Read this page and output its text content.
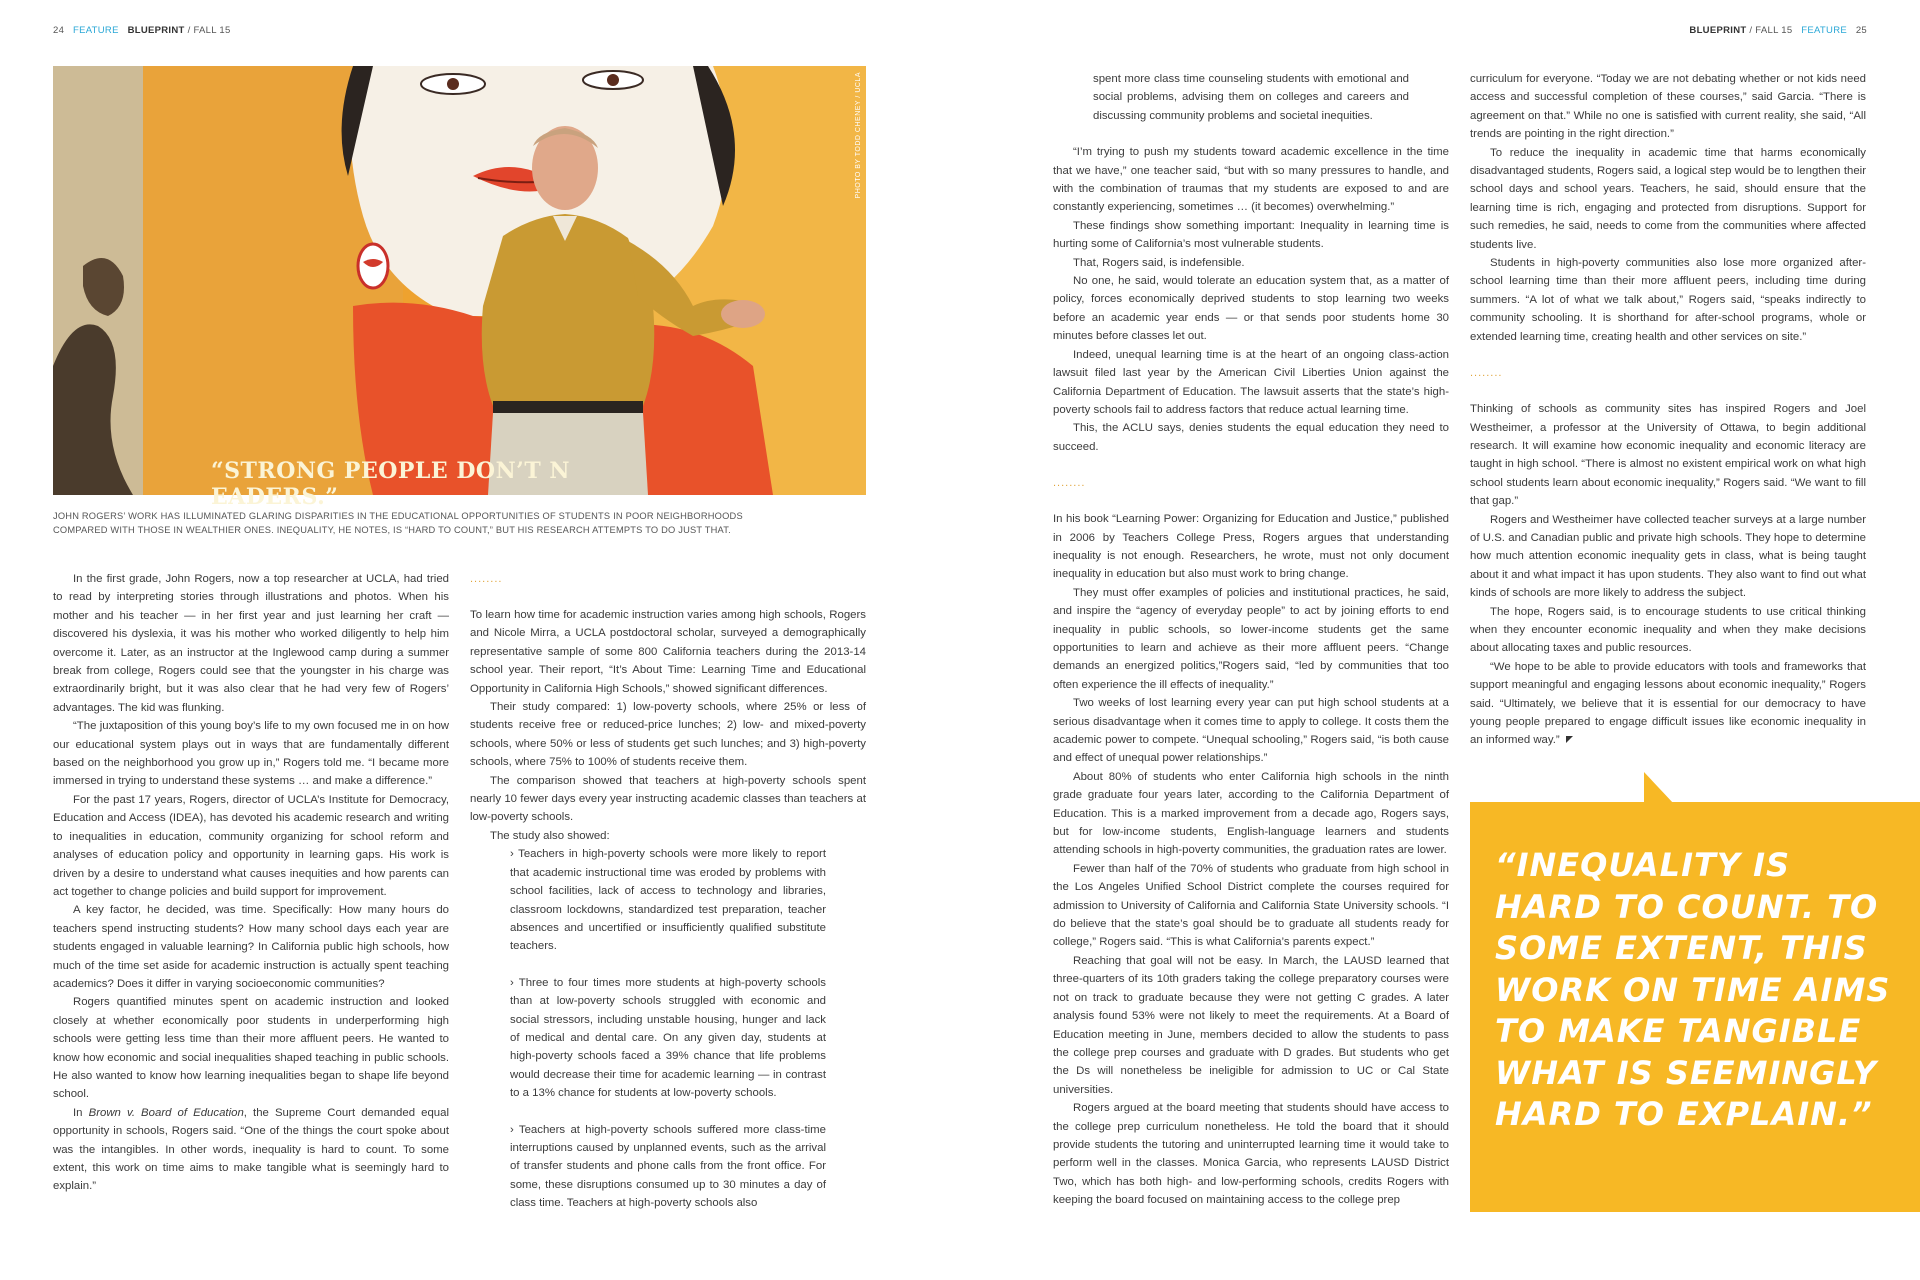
24 FEATURE BLUEPRINT / FALL 15	BLUEPRINT / FALL 15 FEATURE 25
“STRONG PEOPLE DON’T NEADERS.”
PHOTO BY TODD CHENEY / UCLA
JOHN ROGERS’ WORK HAS ILLUMINATED GLARING DISPARITIES IN THE EDUCATIONAL OPPORTUNITIES OF STUDENTS IN POOR NEIGHBORHOODS COMPARED WITH THOSE IN WEALTHIER ONES. INEQUALITY, HE NOTES, IS “HARD TO COUNT,” BUT HIS RESEARCH ATTEMPTS TO DO JUST THAT.

In the first grade, John Rogers, now a top researcher at UCLA, had tried to read by interpreting stories through illustrations and photos. When his mother and his teacher — in her first year and just learning her craft — discovered his dyslexia, it was his mother who worked diligently to help him overcome it. Later, as an instructor at the Inglewood camp during a summer break from college, Rogers could see that the youngster in his charge was extraordinarily bright, but it was also clear that he had very few of Rogers’ advantages. The kid was flunking.

“The juxtaposition of this young boy’s life to my own focused me in on how our educational system plays out in ways that are fundamentally different based on the neighborhood you grow up in,” Rogers told me. “I became more immersed in trying to understand these systems … and make a difference.”

For the past 17 years, Rogers, director of UCLA’s Institute for Democracy, Education and Access (IDEA), has devoted his academic research and writing to inequalities in education, community organizing for school reform and analyses of education policy and opportunity in learning gaps. His work is driven by a desire to understand what causes inequities and how parents can act together to change policies and build support for improvement.

A key factor, he decided, was time. Specifically: How many hours do teachers spend instructing students? How many school days each year are students engaged in valuable learning? In California public high schools, how much of the time set aside for academic instruction is actually spent teaching academics? Does it differ in varying socioeconomic communities?

Rogers quantified minutes spent on academic instruction and looked closely at whether economically poor students in underperforming high schools were getting less time than their more affluent peers. He wanted to know how economic and social inequalities shaped teaching in public schools. He also wanted to know how learning inequalities began to shape life beyond school.

In Brown v. Board of Education, the Supreme Court demanded equal opportunity in schools, Rogers said. “One of the things the court spoke about was the intangibles. In other words, inequality is hard to count. To some extent, this work on time aims to make tangible what is seemingly hard to explain.”

........

To learn how time for academic instruction varies among high schools, Rogers and Nicole Mirra, a UCLA postdoctoral scholar, surveyed a demographically representative sample of some 800 California teachers during the 2013-14 school year. Their report, “It’s About Time: Learning Time and Educational Opportunity in California High Schools,” showed significant differences.

Their study compared: 1) low-poverty schools, where 25% or less of students receive free or reduced-price lunches; 2) low- and mixed-poverty schools, where 50% or less of students get such lunches; and 3) high-poverty schools, where 75% to 100% of students receive them.

The comparison showed that teachers at high-poverty schools spent nearly 10 fewer days every year instructing academic classes than teachers at low-poverty schools.

The study also showed:

› Teachers in high-poverty schools were more likely to report that academic instructional time was eroded by problems with school facilities, lack of access to technology and libraries, classroom lockdowns, standardized test preparation, teacher absences and uncertified or insufficiently qualified substitute teachers.

› Three to four times more students at high-poverty schools than at low-poverty schools struggled with economic and social stressors, including unstable housing, hunger and lack of medical and dental care. On any given day, students at high-poverty schools faced a 39% chance that life problems would decrease their time for academic learning — in contrast to a 13% chance for students at low-poverty schools.

› Teachers at high-poverty schools suffered more class-time interruptions caused by unplanned events, such as the arrival of transfer students and phone calls from the front office. For some, these disruptions consumed up to 30 minutes a day of class time. Teachers at high-poverty schools also

spent more class time counseling students with emotional and social problems, advising them on colleges and careers and discussing community problems and societal inequities.

“I’m trying to push my students toward academic excellence in the time that we have,” one teacher said, “but with so many pressures to handle, and with the combination of traumas that my students are exposed to and are constantly experiencing, sometimes … (it becomes) overwhelming.”

These findings show something important: Inequality in learning time is hurting some of California’s most vulnerable students.

That, Rogers said, is indefensible.

No one, he said, would tolerate an education system that, as a matter of policy, forces economically deprived students to stop learning two weeks before an academic year ends — or that sends poor students home 30 minutes before classes let out.

Indeed, unequal learning time is at the heart of an ongoing class-action lawsuit filed last year by the American Civil Liberties Union against the California Department of Education. The lawsuit asserts that the state’s high-poverty schools fail to address factors that reduce actual learning time.

This, the ACLU says, denies students the equal education they need to succeed.

........

In his book “Learning Power: Organizing for Education and Justice,” published in 2006 by Teachers College Press, Rogers argues that understanding inequality is not enough. Researchers, he wrote, must not only document inequality in education but also must work to bring change.

They must offer examples of policies and institutional practices, he said, and inspire the “agency of everyday people” to act by joining efforts to end inequality in public schools, so lower-income students get the same opportunities to learn and achieve as their more affluent peers. “Change demands an energized politics,”Rogers said, “led by communities that too often experience the ill effects of inequality.”

Two weeks of lost learning every year can put high school students at a serious disadvantage when it comes time to apply to college. It costs them the academic power to compete. “Unequal schooling,” Rogers said, “is both cause and effect of unequal power relationships.”

About 80% of students who enter California high schools in the ninth grade graduate four years later, according to the California Department of Education. This is a marked improvement from a decade ago, Rogers says, but for low-income students, English-language learners and students attending schools in high-poverty communities, the graduation rates are lower.

Fewer than half of the 70% of students who graduate from high school in the Los Angeles Unified School District complete the courses required for admission to University of California and California State University schools. “I do believe that the state’s goal should be to graduate all students ready for college,” Rogers said. “This is what California’s parents expect.”

Reaching that goal will not be easy. In March, the LAUSD learned that three-quarters of its 10th graders taking the college preparatory courses were not on track to graduate because they were not getting C grades. A later analysis found 53% were not likely to meet the requirements. At a Board of Education meeting in June, members decided to allow the students to pass the college prep courses and graduate with D grades. But students who get the Ds will nonetheless be ineligible for admission to UC or Cal State universities.

Rogers argued at the board meeting that students should have access to the college prep curriculum nonetheless. He told the board that it should provide students the tutoring and uninterrupted learning time it would take to perform well in the classes. Monica Garcia, who represents LAUSD District Two, which has both high- and low-performing schools, credits Rogers with keeping the board focused on maintaining access to the college prep

curriculum for everyone. “Today we are not debating whether or not kids need access and successful completion of these courses,” said Garcia. “There is agreement on that.” While no one is satisfied with current reality, she said, “All trends are pointing in the right direction.”

To reduce the inequality in academic time that harms economically disadvantaged students, Rogers said, a logical step would be to lengthen their school days and school years. Teachers, he said, should ensure that the learning time is rich, engaging and protected from disruptions. Support for such remedies, he said, needs to come from the communities where affected students live.

Students in high-poverty communities also lose more organized after-school learning time than their more affluent peers, including time during summers. “A lot of what we talk about,” Rogers said, “speaks indirectly to community schooling. It is shorthand for after-school programs, whole or extended learning time, creating health and other services on site.”

........

Thinking of schools as community sites has inspired Rogers and Joel Westheimer, a professor at the University of Ottawa, to begin additional research. It will examine how economic inequality and economic literacy are taught in high school. “There is almost no existent empirical work on what high school students learn about economic inequality,” Rogers said. “We want to fill that gap.”

Rogers and Westheimer have collected teacher surveys at a large number of U.S. and Canadian public and private high schools. They hope to determine how much attention economic inequality gets in class, what is being taught about it and what impact it has upon students. They also want to find out what kinds of schools are more likely to address the subject.

The hope, Rogers said, is to encourage students to use critical thinking when they encounter economic inequality and when they make decisions about allocating taxes and public resources.

“We hope to be able to provide educators with tools and frameworks that support meaningful and engaging lessons about economic inequality,” Rogers said. “Ultimately, we believe that it is essential for our democracy to have young people prepared to engage difficult issues like economic inequality in an informed way.”

“INEQUALITY IS HARD TO COUNT. TO SOME EXTENT, THIS WORK ON TIME AIMS TO MAKE TANGIBLE WHAT IS SEEMINGLY HARD TO EXPLAIN.”
